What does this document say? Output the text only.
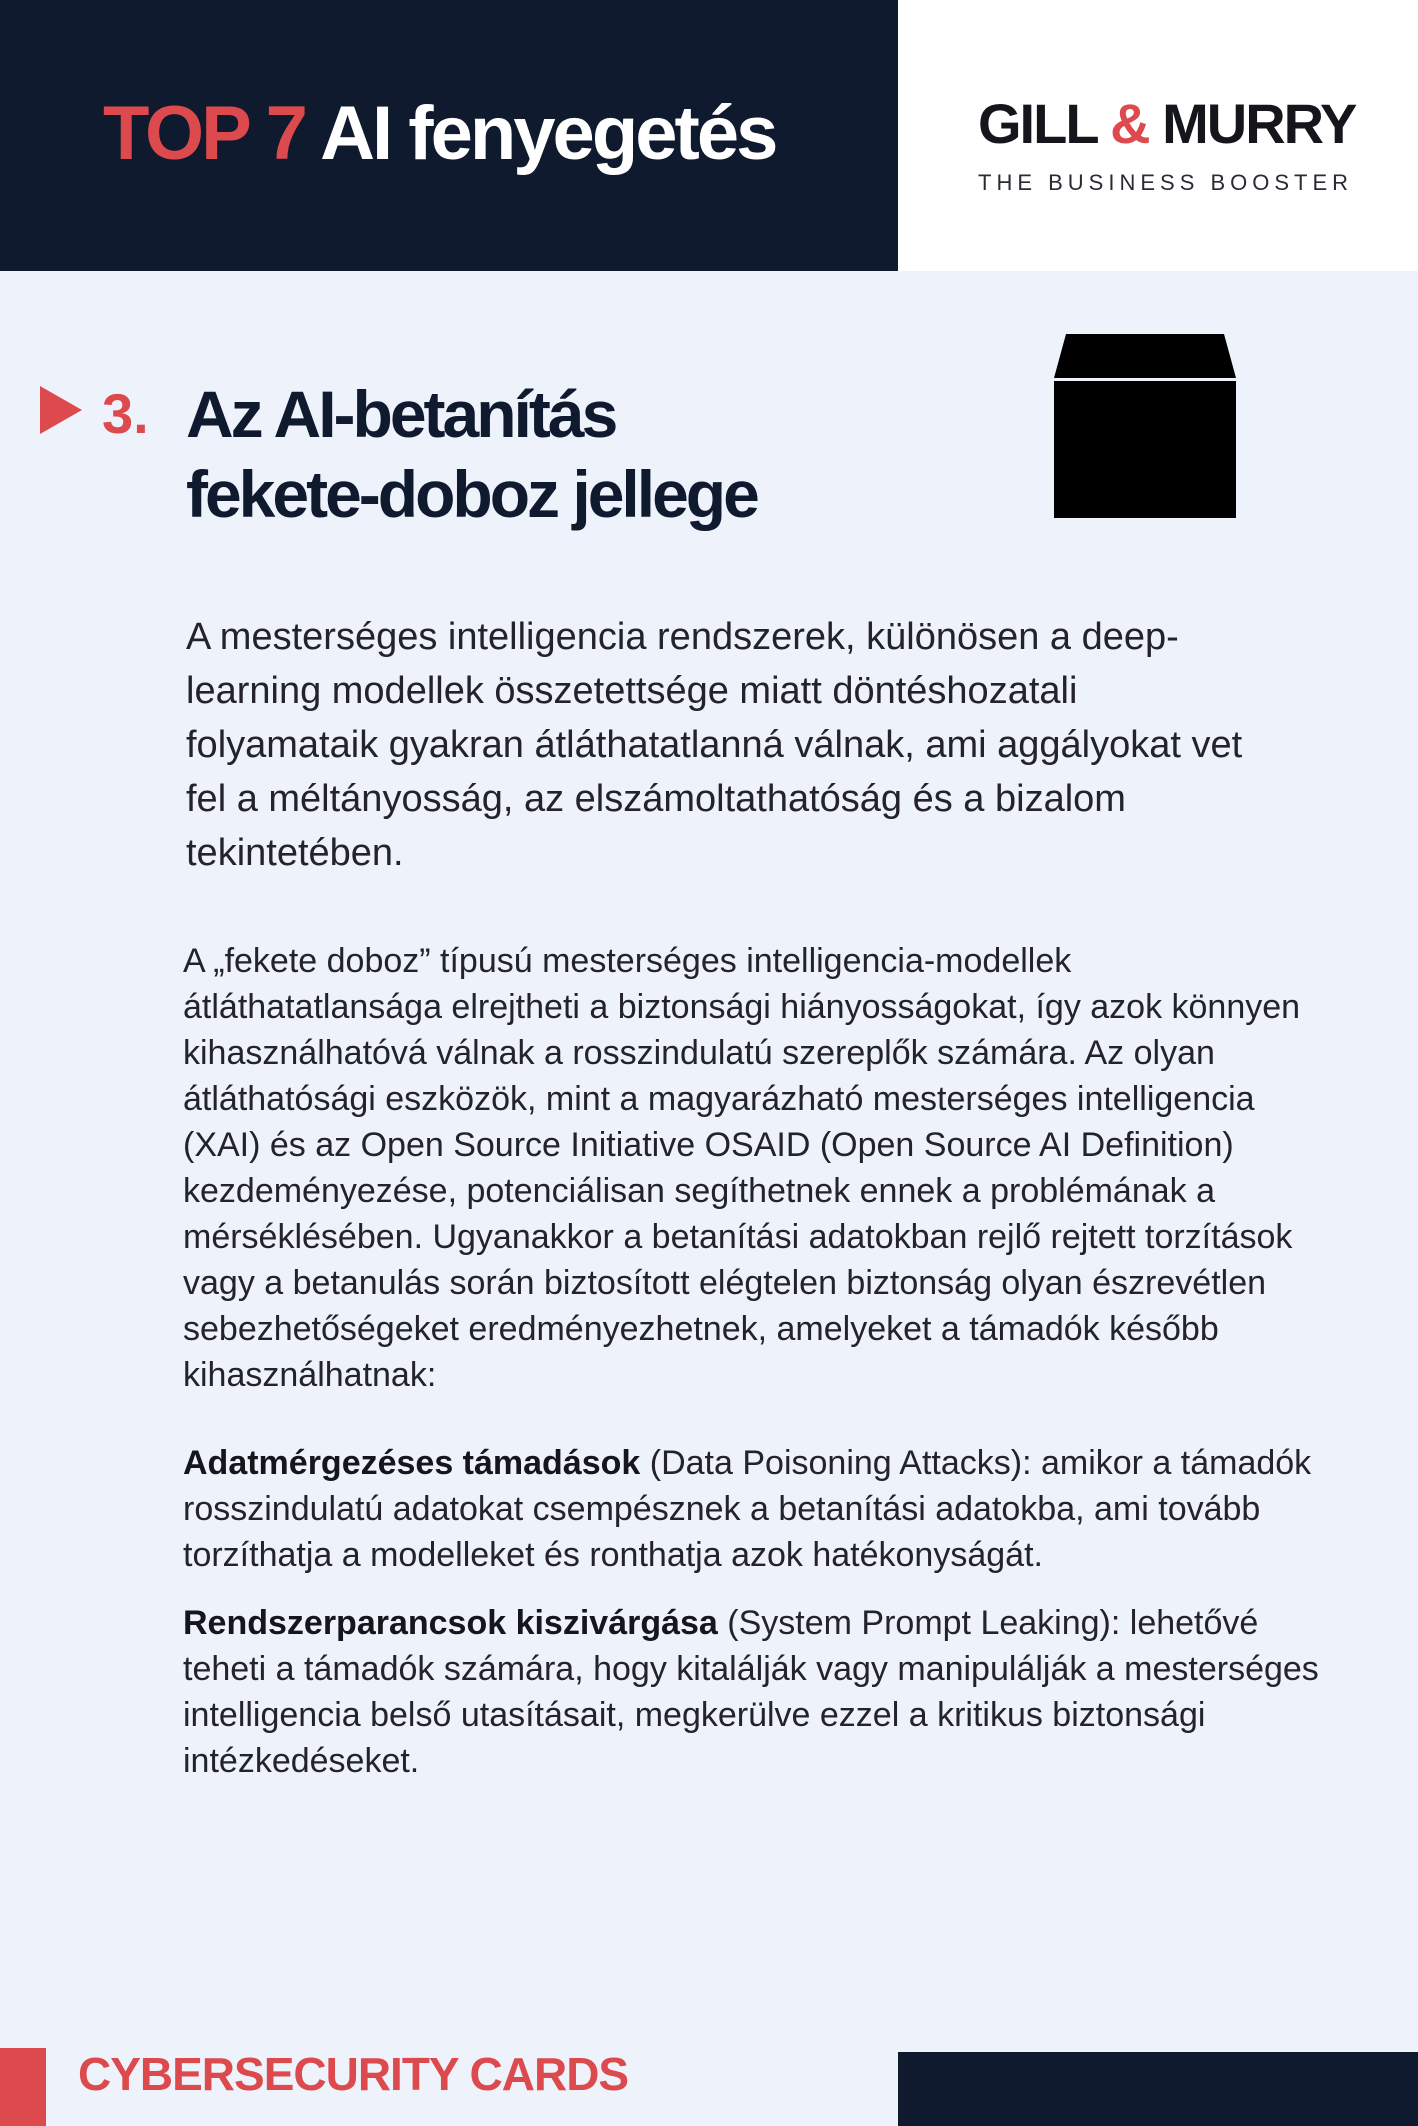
TOP 7 AI fenyegetés	GILL & MURRY
THE BUSINESS BOOSTER
3. Az AI-betanítás
fekete-doboz jellege

A mesterséges intelligencia rendszerek, különösen a deep-learning modellek összetettsége miatt döntéshozatali folyamataik gyakran átláthatatlanná válnak, ami aggályokat vet fel a méltányosság, az elszámoltathatóság és a bizalom tekintetében.

A „fekete doboz” típusú mesterséges intelligencia-modellek átláthatatlansága elrejtheti a biztonsági hiányosságokat, így azok könnyen kihasználhatóvá válnak a rosszindulatú szereplők számára. Az olyan átláthatósági eszközök, mint a magyarázható mesterséges intelligencia (XAI) és az Open Source Initiative OSAID (Open Source AI Definition) kezdeményezése, potenciálisan segíthetnek ennek a problémának a mérséklésében. Ugyanakkor a betanítási adatokban rejlő rejtett torzítások vagy a betanulás során biztosított elégtelen biztonság olyan észrevétlen sebezhetőségeket eredményezhetnek, amelyeket a támadók később kihasználhatnak:

Adatmérgezéses támadások (Data Poisoning Attacks): amikor a támadók rosszindulatú adatokat csempésznek a betanítási adatokba, ami tovább torzíthatja a modelleket és ronthatja azok hatékonyságát.

Rendszerparancsok kiszivárgása (System Prompt Leaking): lehetővé teheti a támadók számára, hogy kitalálják vagy manipulálják a mesterséges intelligencia belső utasításait, megkerülve ezzel a kritikus biztonsági intézkedéseket.

CYBERSECURITY CARDS
